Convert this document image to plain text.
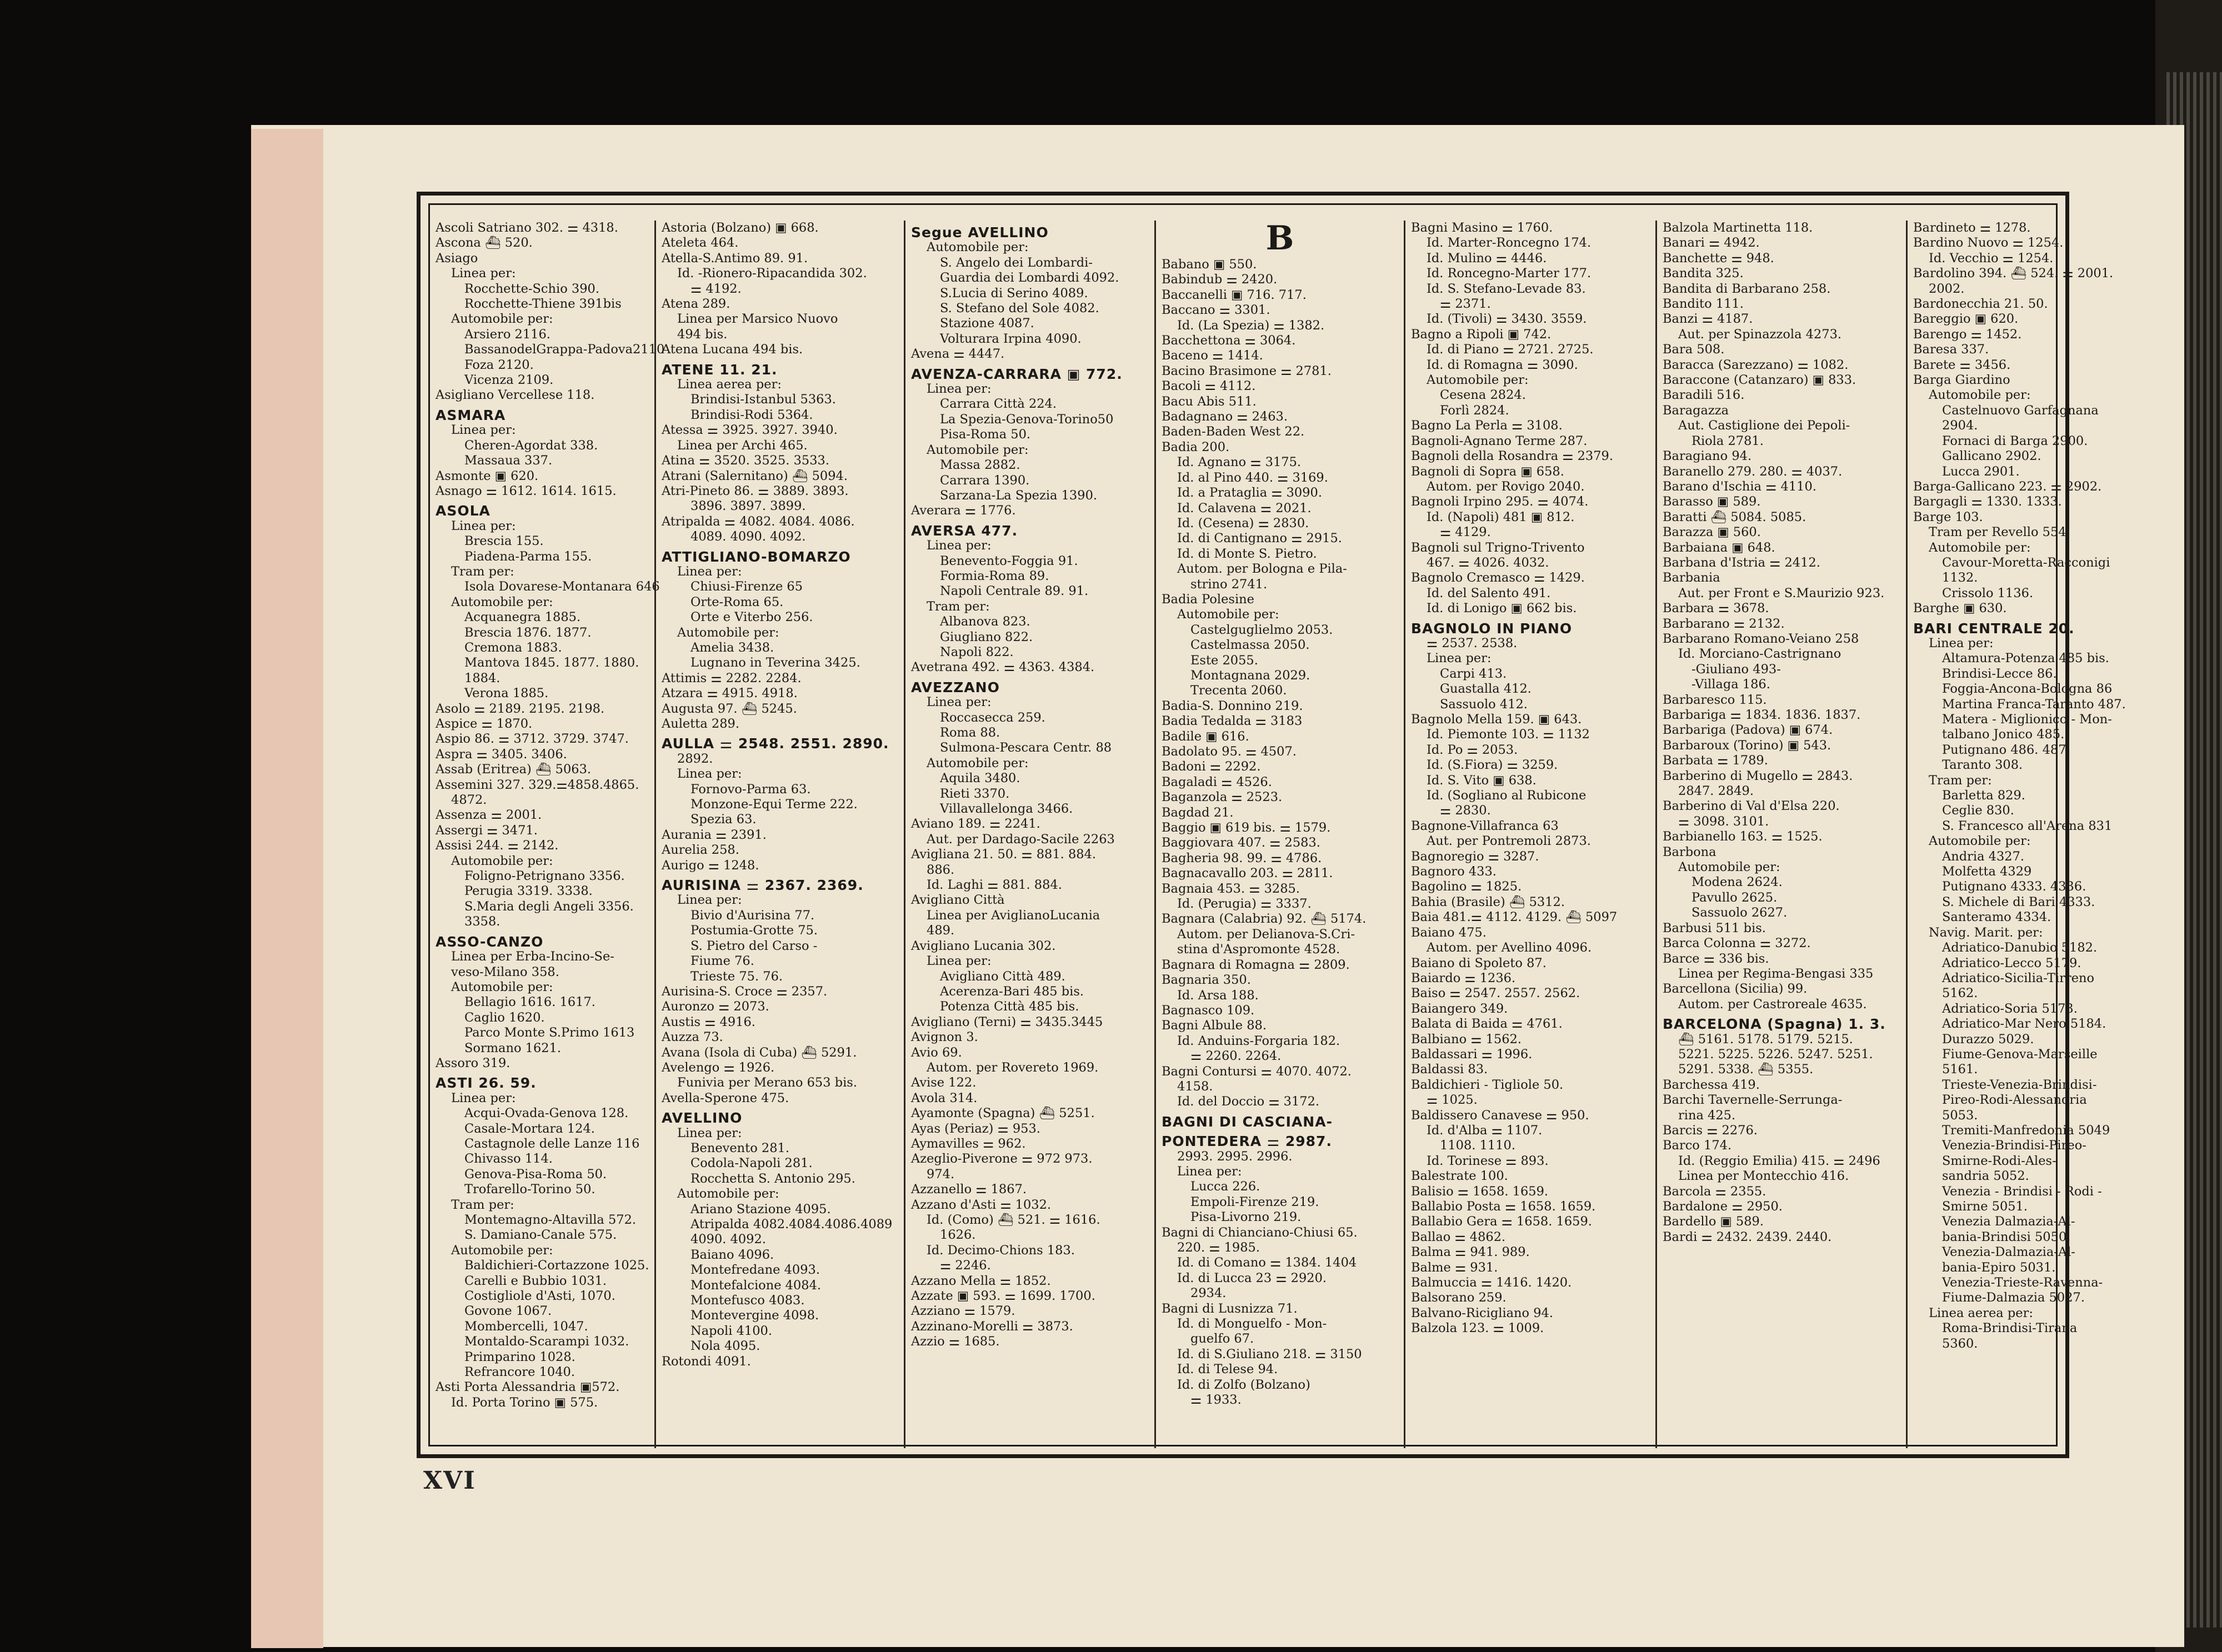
Ascoli Satriano 302. ⚌ 4318.
Ascona ⛴ 520.
Asiago
Linea per:
Rocchette-Schio 390.
Rocchette-Thiene 391bis
Automobile per:
Arsiero 2116.
BassanodelGrappa-Padova2110
Foza 2120.
Vicenza 2109.
Asigliano Vercellese 118.
ASMARA
Linea per:
Cheren-Agordat 338.
Massaua 337.
Asmonte ▣ 620.
Asnago ⚌ 1612. 1614. 1615.
ASOLA
Linea per:
Brescia 155.
Piadena-Parma 155.
Tram per:
Isola Dovarese-Montanara 646
Automobile per:
Acquanegra 1885.
Brescia 1876. 1877.
Cremona 1883.
Mantova 1845. 1877. 1880.
1884.
Verona 1885.
Asolo ⚌ 2189. 2195. 2198.
Aspice ⚌ 1870.
Aspio 86. ⚌ 3712. 3729. 3747.
Aspra ⚌ 3405. 3406.
Assab (Eritrea) ⛴ 5063.
Assemini 327. 329.⚌4858.4865.
4872.
Assenza ⚌ 2001.
Assergi ⚌ 3471.
Assisi 244. ⚌ 2142.
Automobile per:
Foligno-Petrignano 3356.
Perugia 3319. 3338.
S.Maria degli Angeli 3356.
3358.
ASSO-CANZO
Linea per Erba-Incino-Se-
veso-Milano 358.
Automobile per:
Bellagio 1616. 1617.
Caglio 1620.
Parco Monte S.Primo 1613
Sormano 1621.
Assoro 319.
ASTI 26. 59.
Linea per:
Acqui-Ovada-Genova 128.
Casale-Mortara 124.
Castagnole delle Lanze 116
Chivasso 114.
Genova-Pisa-Roma 50.
Trofarello-Torino 50.
Tram per:
Montemagno-Altavilla 572.
S. Damiano-Canale 575.
Automobile per:
Baldichieri-Cortazzone 1025.
Carelli e Bubbio 1031.
Costigliole d'Asti, 1070.
Govone 1067.
Mombercelli, 1047.
Montaldo-Scarampi 1032.
Primparino 1028.
Refrancore 1040.
Asti Porta Alessandria ▣572.
Id. Porta Torino ▣ 575.
Astoria (Bolzano) ▣ 668.
Ateleta 464.
Atella-S.Antimo 89. 91.
Id. -Rionero-Ripacandida 302.
⚌ 4192.
Atena 289.
Linea per Marsico Nuovo
494 bis.
Atena Lucana 494 bis.
ATENE 11. 21.
Linea aerea per:
Brindisi-Istanbul 5363.
Brindisi-Rodi 5364.
Atessa ⚌ 3925. 3927. 3940.
Linea per Archi 465.
Atina ⚌ 3520. 3525. 3533.
Atrani (Salernitano) ⛴ 5094.
Atri-Pineto 86. ⚌ 3889. 3893.
3896. 3897. 3899.
Atripalda ⚌ 4082. 4084. 4086.
4089. 4090. 4092.
ATTIGLIANO-BOMARZO
Linea per:
Chiusi-Firenze 65
Orte-Roma 65.
Orte e Viterbo 256.
Automobile per:
Amelia 3438.
Lugnano in Teverina 3425.
Attimis ⚌ 2282. 2284.
Atzara ⚌ 4915. 4918.
Augusta 97. ⛴ 5245.
Auletta 289.
AULLA ⚌ 2548. 2551. 2890.
2892.
Linea per:
Fornovo-Parma 63.
Monzone-Equi Terme 222.
Spezia 63.
Aurania ⚌ 2391.
Aurelia 258.
Aurigo ⚌ 1248.
AURISINA ⚌ 2367. 2369.
Linea per:
Bivio d'Aurisina 77.
Postumia-Grotte 75.
S. Pietro del Carso -
Fiume 76.
Trieste 75. 76.
Aurisina-S. Croce ⚌ 2357.
Auronzo ⚌ 2073.
Austis ⚌ 4916.
Auzza 73.
Avana (Isola di Cuba) ⛴ 5291.
Avelengo ⚌ 1926.
Funivia per Merano 653 bis.
Avella-Sperone 475.
AVELLINO
Linea per:
Benevento 281.
Codola-Napoli 281.
Rocchetta S. Antonio 295.
Automobile per:
Ariano Stazione 4095.
Atripalda 4082.4084.4086.4089
4090. 4092.
Baiano 4096.
Montefredane 4093.
Montefalcione 4084.
Montefusco 4083.
Montevergine 4098.
Napoli 4100.
Nola 4095.
Rotondi 4091.
Segue AVELLINO
Automobile per:
S. Angelo dei Lombardi-
Guardia dei Lombardi 4092.
S.Lucia di Serino 4089.
S. Stefano del Sole 4082.
Stazione 4087.
Volturara Irpina 4090.
Avena ⚌ 4447.
AVENZA-CARRARA ▣ 772.
Linea per:
Carrara Città 224.
La Spezia-Genova-Torino50
Pisa-Roma 50.
Automobile per:
Massa 2882.
Carrara 1390.
Sarzana-La Spezia 1390.
Averara ⚌ 1776.
AVERSA 477.
Linea per:
Benevento-Foggia 91.
Formia-Roma 89.
Napoli Centrale 89. 91.
Tram per:
Albanova 823.
Giugliano 822.
Napoli 822.
Avetrana 492. ⚌ 4363. 4384.
AVEZZANO
Linea per:
Roccasecca 259.
Roma 88.
Sulmona-Pescara Centr. 88
Automobile per:
Aquila 3480.
Rieti 3370.
Villavallelonga 3466.
Aviano 189. ⚌ 2241.
Aut. per Dardago-Sacile 2263
Avigliana 21. 50. ⚌ 881. 884.
886.
Id. Laghi ⚌ 881. 884.
Avigliano Città
Linea per AviglianoLucania
489.
Avigliano Lucania 302.
Linea per:
Avigliano Città 489.
Acerenza-Bari 485 bis.
Potenza Città 485 bis.
Avigliano (Terni) ⚌ 3435.3445
Avignon 3.
Avio 69.
Autom. per Rovereto 1969.
Avise 122.
Avola 314.
Ayamonte (Spagna) ⛴ 5251.
Ayas (Periaz) ⚌ 953.
Aymavilles ⚌ 962.
Azeglio-Piverone ⚌ 972 973.
974.
Azzanello ⚌ 1867.
Azzano d'Asti ⚌ 1032.
Id. (Como) ⛴ 521. ⚌ 1616.
1626.
Id. Decimo-Chions 183.
⚌ 2246.
Azzano Mella ⚌ 1852.
Azzate ▣ 593. ⚌ 1699. 1700.
Azziano ⚌ 1579.
Azzinano-Morelli ⚌ 3873.
Azzio ⚌ 1685.
B
Babano ▣ 550.
Babindub ⚌ 2420.
Baccanelli ▣ 716. 717.
Baccano ⚌ 3301.
Id. (La Spezia) ⚌ 1382.
Bacchettona ⚌ 3064.
Baceno ⚌ 1414.
Bacino Brasimone ⚌ 2781.
Bacoli ⚌ 4112.
Bacu Abis 511.
Badagnano ⚌ 2463.
Baden-Baden West 22.
Badia 200.
Id. Agnano ⚌ 3175.
Id. al Pino 440. ⚌ 3169.
Id. a Prataglia ⚌ 3090.
Id. Calavena ⚌ 2021.
Id. (Cesena) ⚌ 2830.
Id. di Cantignano ⚌ 2915.
Id. di Monte S. Pietro.
Autom. per Bologna e Pila-
strino 2741.
Badia Polesine
Automobile per:
Castelguglielmo 2053.
Castelmassa 2050.
Este 2055.
Montagnana 2029.
Trecenta 2060.
Badia-S. Donnino 219.
Badia Tedalda ⚌ 3183
Badile ▣ 616.
Badolato 95. ⚌ 4507.
Badoni ⚌ 2292.
Bagaladi ⚌ 4526.
Baganzola ⚌ 2523.
Bagdad 21.
Baggio ▣ 619 bis. ⚌ 1579.
Baggiovara 407. ⚌ 2583.
Bagheria 98. 99. ⚌ 4786.
Bagnacavallo 203. ⚌ 2811.
Bagnaia 453. ⚌ 3285.
Id. (Perugia) ⚌ 3337.
Bagnara (Calabria) 92. ⛴ 5174.
Autom. per Delianova-S.Cri-
stina d'Aspromonte 4528.
Bagnara di Romagna ⚌ 2809.
Bagnaria 350.
Id. Arsa 188.
Bagnasco 109.
Bagni Albule 88.
Id. Anduins-Forgaria 182.
⚌ 2260. 2264.
Bagni Contursi ⚌ 4070. 4072.
4158.
Id. del Doccio ⚌ 3172.
BAGNI DI CASCIANA-
PONTEDERA ⚌ 2987.
2993. 2995. 2996.
Linea per:
Lucca 226.
Empoli-Firenze 219.
Pisa-Livorno 219.
Bagni di Chianciano-Chiusi 65.
220. ⚌ 1985.
Id. di Comano ⚌ 1384. 1404
Id. di Lucca 23 ⚌ 2920.
2934.
Bagni di Lusnizza 71.
Id. di Monguelfo - Mon-
guelfo 67.
Id. di S.Giuliano 218. ⚌ 3150
Id. di Telese 94.
Id. di Zolfo (Bolzano)
⚌ 1933.
Bagni Masino ⚌ 1760.
Id. Marter-Roncegno 174.
Id. Mulino ⚌ 4446.
Id. Roncegno-Marter 177.
Id. S. Stefano-Levade 83.
⚌ 2371.
Id. (Tivoli) ⚌ 3430. 3559.
Bagno a Ripoli ▣ 742.
Id. di Piano ⚌ 2721. 2725.
Id. di Romagna ⚌ 3090.
Automobile per:
Cesena 2824.
Forlì 2824.
Bagno La Perla ⚌ 3108.
Bagnoli-Agnano Terme 287.
Bagnoli della Rosandra ⚌ 2379.
Bagnoli di Sopra ▣ 658.
Autom. per Rovigo 2040.
Bagnoli Irpino 295. ⚌ 4074.
Id. (Napoli) 481 ▣ 812.
⚌ 4129.
Bagnoli sul Trigno-Trivento
467. ⚌ 4026. 4032.
Bagnolo Cremasco ⚌ 1429.
Id. del Salento 491.
Id. di Lonigo ▣ 662 bis.
BAGNOLO IN PIANO
⚌ 2537. 2538.
Linea per:
Carpi 413.
Guastalla 412.
Sassuolo 412.
Bagnolo Mella 159. ▣ 643.
Id. Piemonte 103. ⚌ 1132
Id. Po ⚌ 2053.
Id. (S.Fiora) ⚌ 3259.
Id. S. Vito ▣ 638.
Id. (Sogliano al Rubicone
⚌ 2830.
Bagnone-Villafranca 63
Aut. per Pontremoli 2873.
Bagnoregio ⚌ 3287.
Bagnoro 433.
Bagolino ⚌ 1825.
Bahia (Brasile) ⛴ 5312.
Baia 481.⚌ 4112. 4129. ⛴ 5097
Baiano 475.
Autom. per Avellino 4096.
Baiano di Spoleto 87.
Baiardo ⚌ 1236.
Baiso ⚌ 2547. 2557. 2562.
Baiangero 349.
Balata di Baida ⚌ 4761.
Balbiano ⚌ 1562.
Baldassari ⚌ 1996.
Baldassi 83.
Baldichieri - Tigliole 50.
⚌ 1025.
Baldissero Canavese ⚌ 950.
Id. d'Alba ⚌ 1107.
1108. 1110.
Id. Torinese ⚌ 893.
Balestrate 100.
Balisio ⚌ 1658. 1659.
Ballabio Posta ⚌ 1658. 1659.
Ballabio Gera ⚌ 1658. 1659.
Ballao ⚌ 4862.
Balma ⚌ 941. 989.
Balme ⚌ 931.
Balmuccia ⚌ 1416. 1420.
Balsorano 259.
Balvano-Ricigliano 94.
Balzola 123. ⚌ 1009.
Balzola Martinetta 118.
Banari ⚌ 4942.
Banchette ⚌ 948.
Bandita 325.
Bandita di Barbarano 258.
Bandito 111.
Banzi ⚌ 4187.
Aut. per Spinazzola 4273.
Bara 508.
Baracca (Sarezzano) ⚌ 1082.
Baraccone (Catanzaro) ▣ 833.
Baradili 516.
Baragazza
Aut. Castiglione dei Pepoli-
Riola 2781.
Baragiano 94.
Baranello 279. 280. ⚌ 4037.
Barano d'Ischia ⚌ 4110.
Barasso ▣ 589.
Baratti ⛴ 5084. 5085.
Barazza ▣ 560.
Barbaiana ▣ 648.
Barbana d'Istria ⚌ 2412.
Barbania
Aut. per Front e S.Maurizio 923.
Barbara ⚌ 3678.
Barbarano ⚌ 2132.
Barbarano Romano-Veiano 258
Id. Morciano-Castrignano
-Giuliano 493-
-Villaga 186.
Barbaresco 115.
Barbariga ⚌ 1834. 1836. 1837.
Barbariga (Padova) ▣ 674.
Barbaroux (Torino) ▣ 543.
Barbata ⚌ 1789.
Barberino di Mugello ⚌ 2843.
2847. 2849.
Barberino di Val d'Elsa 220.
⚌ 3098. 3101.
Barbianello 163. ⚌ 1525.
Barbona
Automobile per:
Modena 2624.
Pavullo 2625.
Sassuolo 2627.
Barbusi 511 bis.
Barca Colonna ⚌ 3272.
Barce ⚌ 336 bis.
Linea per Regima-Bengasi 335
Barcellona (Sicilia) 99.
Autom. per Castroreale 4635.
BARCELONA (Spagna) 1. 3.
⛴ 5161. 5178. 5179. 5215.
5221. 5225. 5226. 5247. 5251.
5291. 5338. ⛴ 5355.
Barchessa 419.
Barchi Tavernelle-Serrunga-
rina 425.
Barcis ⚌ 2276.
Barco 174.
Id. (Reggio Emilia) 415. ⚌ 2496
Linea per Montecchio 416.
Barcola ⚌ 2355.
Bardalone ⚌ 2950.
Bardello ▣ 589.
Bardi ⚌ 2432. 2439. 2440.
Bardineto ⚌ 1278.
Bardino Nuovo ⚌ 1254.
Id. Vecchio ⚌ 1254.
Bardolino 394. ⛴ 524. ⚌ 2001.
2002.
Bardonecchia 21. 50.
Bareggio ▣ 620.
Barengo ⚌ 1452.
Baresa 337.
Barete ⚌ 3456.
Barga Giardino
Automobile per:
Castelnuovo Garfagnana
2904.
Fornaci di Barga 2900.
Gallicano 2902.
Lucca 2901.
Barga-Gallicano 223. ⚌ 2902.
Bargagli ⚌ 1330. 1333.
Barge 103.
Tram per Revello 554.
Automobile per:
Cavour-Moretta-Racconigi
1132.
Crissolo 1136.
Barghe ▣ 630.
BARI CENTRALE 20.
Linea per:
Altamura-Potenza 485 bis.
Brindisi-Lecce 86.
Foggia-Ancona-Bologna 86
Martina Franca-Taranto 487.
Matera - Miglionico - Mon-
talbano Jonico 485.
Putignano 486. 487.
Taranto 308.
Tram per:
Barletta 829.
Ceglie 830.
S. Francesco all'Arena 831
Automobile per:
Andria 4327.
Molfetta 4329
Putignano 4333. 4336.
S. Michele di Bari 4333.
Santeramo 4334.
Navig. Marit. per:
Adriatico-Danubio 5182.
Adriatico-Lecco 5179.
Adriatico-Sicilia-Tirreno
5162.
Adriatico-Soria 5173.
Adriatico-Mar Nero 5184.
Durazzo 5029.
Fiume-Genova-Marseille
5161.
Trieste-Venezia-Brindisi-
Pireo-Rodi-Alessandria
5053.
Tremiti-Manfredonia 5049
Venezia-Brindisi-Pireo-
Smirne-Rodi-Ales-
sandria 5052.
Venezia - Brindisi - Rodi -
Smirne 5051.
Venezia Dalmazia-Al-
bania-Brindisi 5050.
Venezia-Dalmazia-Al-
bania-Epiro 5031.
Venezia-Trieste-Ravenna-
Fiume-Dalmazia 5027.
Linea aerea per:
Roma-Brindisi-Tirana
5360.
XVI
